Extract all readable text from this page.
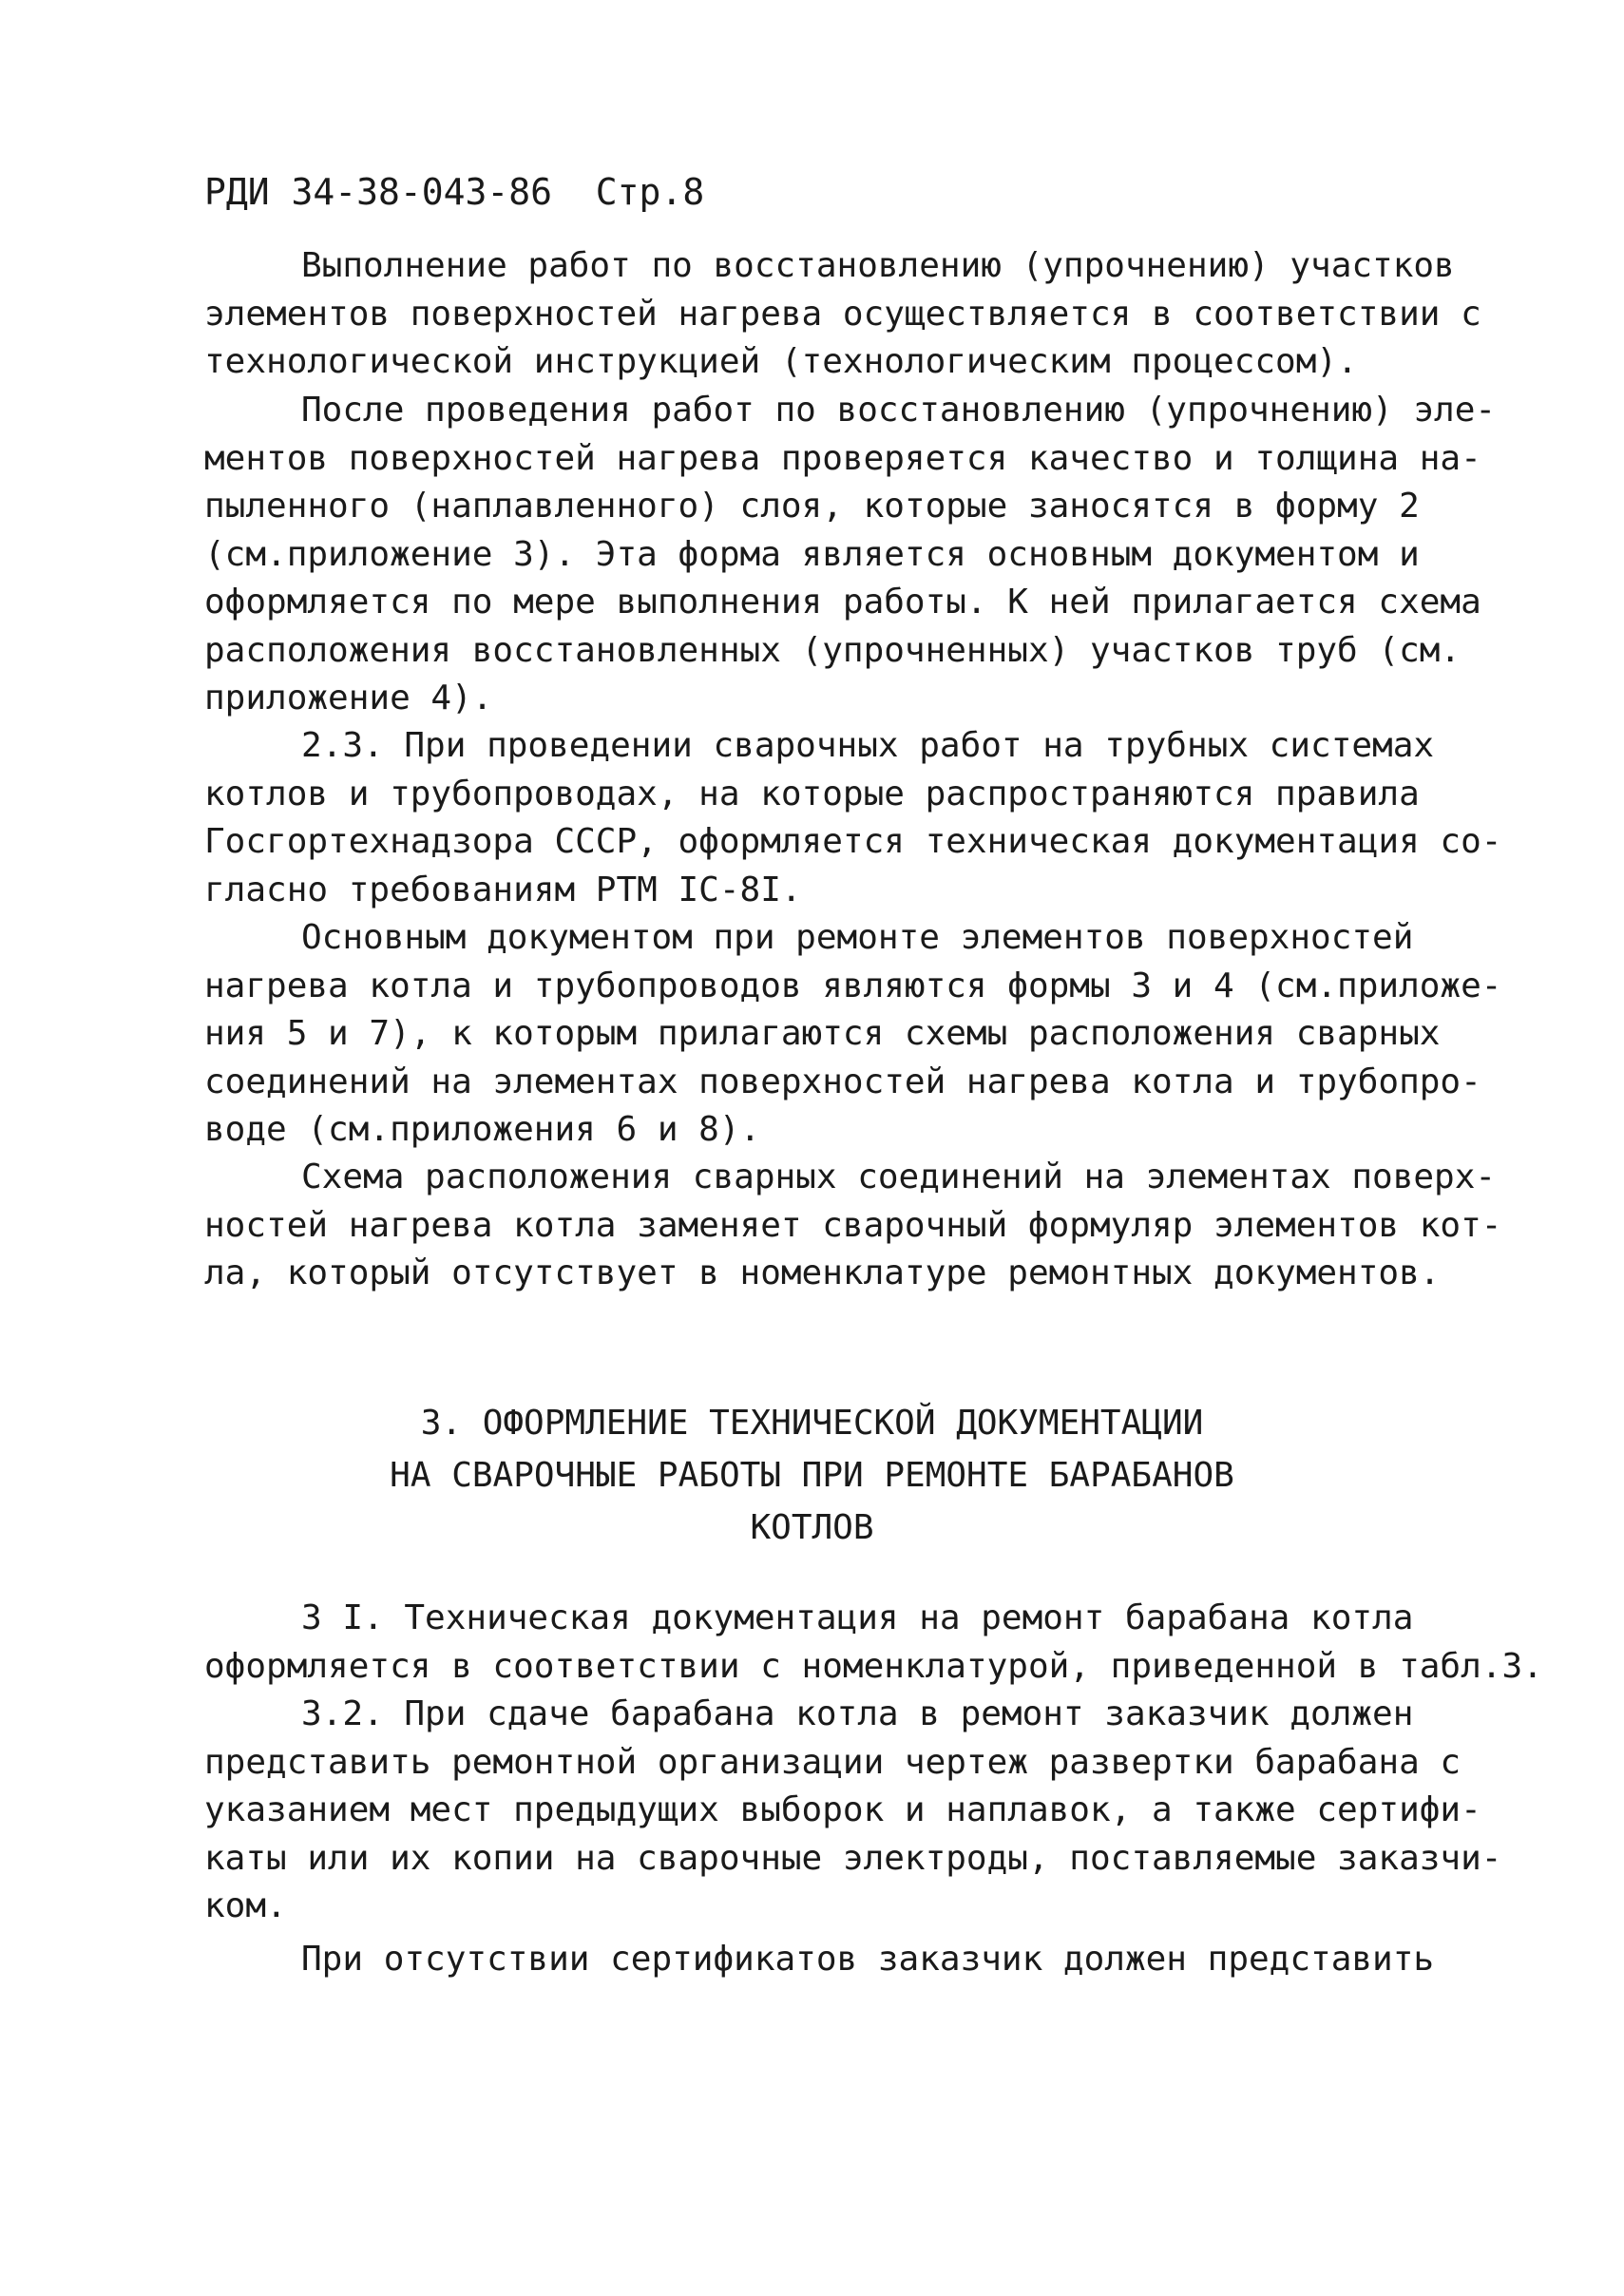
РДИ 34-38-043-86  Стр.8
Выполнение работ по восстановлению (упрочнению) участков
элементов поверхностей нагрева осуществляется в соответствии с
технологической инструкцией (технологическим процессом).
После проведения работ по восстановлению (упрочнению) эле-
ментов поверхностей нагрева проверяется качество и толщина на-
пыленного (наплавленного) слоя, которые заносятся в форму 2
(см.приложение 3). Эта форма является основным документом и
оформляется по мере выполнения работы. К ней прилагается схема
расположения восстановленных (упрочненных) участков труб (см.
приложение 4).
2.3. При проведении сварочных работ на трубных системах
котлов и трубопроводах, на которые распространяются правила
Госгортехнадзора СССР, оформляется техническая документация со-
гласно требованиям РТМ IC-8I.
Основным документом при ремонте элементов поверхностей
нагрева котла и трубопроводов являются формы 3 и 4 (см.приложе-
ния 5 и 7), к которым прилагаются схемы расположения сварных
соединений на элементах поверхностей нагрева котла и трубопро-
воде (см.приложения 6 и 8).
Схема расположения сварных соединений на элементах поверх-
ностей нагрева котла заменяет сварочный формуляр элементов кот-
ла, который отсутствует в номенклатуре ремонтных документов.
3. ОФОРМЛЕНИЕ ТЕХНИЧЕСКОЙ ДОКУМЕНТАЦИИ
НА СВАРОЧНЫЕ РАБОТЫ ПРИ РЕМОНТЕ БАРАБАНОВ
КОТЛОВ
3 I. Техническая документация на ремонт барабана котла
оформляется в соответствии с номенклатурой, приведенной в табл.3.
3.2. При сдаче барабана котла в ремонт заказчик должен
представить ремонтной организации чертеж развертки барабана с
указанием мест предыдущих выборок и наплавок, а также сертифи-
каты или их копии на сварочные электроды, поставляемые заказчи-
ком.
При отсутствии сертификатов заказчик должен представить
